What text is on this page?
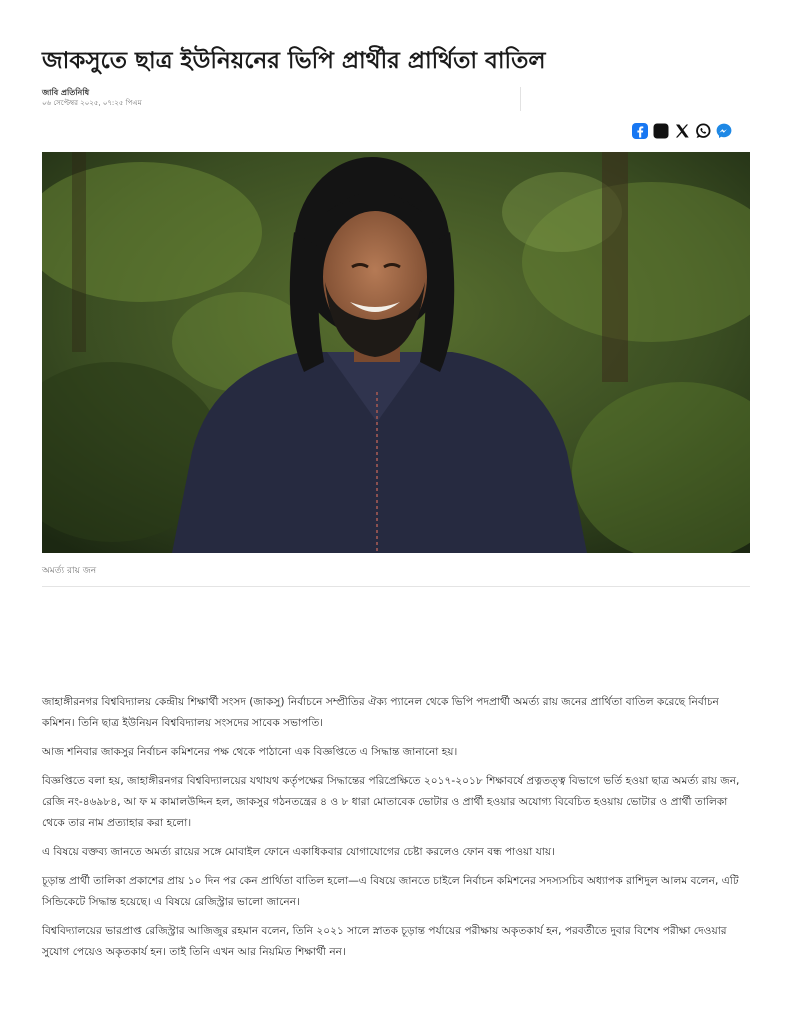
জাকসুতে ছাত্র ইউনিয়নের ভিপি প্রার্থীর প্রার্থিতা বাতিল
জাবি প্রতিনিধি
০৬ সেপ্টেম্বর ২০২৫, ০৭:২৫ পিএম
অমর্ত্য রায় জন

জাহাঙ্গীরনগর বিশ্ববিদ্যালয় কেন্দ্রীয় শিক্ষার্থী সংসদ (জাকসু) নির্বাচনে সম্প্রীতির ঐক্য প্যানেল থেকে ভিপি পদপ্রার্থী অমর্ত্য রায় জনের প্রার্থিতা বাতিল করেছে নির্বাচন কমিশন। তিনি ছাত্র ইউনিয়ন বিশ্ববিদ্যালয় সংসদের সাবেক সভাপতি।

আজ শনিবার জাকসুর নির্বাচন কমিশনের পক্ষ থেকে পাঠানো এক বিজ্ঞপ্তিতে এ সিদ্ধান্ত জানানো হয়।

বিজ্ঞপ্তিতে বলা হয়, জাহাঙ্গীরনগর বিশ্ববিদ্যালয়ের যথাযথ কর্তৃপক্ষের সিদ্ধান্তের পরিপ্রেক্ষিতে ২০১৭-২০১৮ শিক্ষাবর্ষে প্রত্নতত্ত্ব বিভাগে ভর্তি হওয়া ছাত্র অমর্ত্য রায় জন, রেজি নং-৪৬৯৮৪, আ ফ ম কামালউদ্দিন হল, জাকসুর গঠনতন্ত্রের ৪ ও ৮ ধারা মোতাবেক ভোটার ও প্রার্থী হওয়ার অযোগ্য বিবেচিত হওয়ায় ভোটার ও প্রার্থী তালিকা থেকে তার নাম প্রত্যাহার করা হলো।

এ বিষয়ে বক্তব্য জানতে অমর্ত্য রায়ের সঙ্গে মোবাইল ফোনে একাধিকবার যোগাযোগের চেষ্টা করলেও ফোন বন্ধ পাওয়া যায়।

চূড়ান্ত প্রার্থী তালিকা প্রকাশের প্রায় ১০ দিন পর কেন প্রার্থিতা বাতিল হলো—এ বিষয়ে জানতে চাইলে নির্বাচন কমিশনের সদস্যসচিব অধ্যাপক রাশিদুল আলম বলেন, এটি সিন্ডিকেটে সিদ্ধান্ত হয়েছে। এ বিষয়ে রেজিস্ট্রার ভালো জানেন।

বিশ্ববিদ্যালয়ের ভারপ্রাপ্ত রেজিস্ট্রার আজিজুর রহমান বলেন, তিনি ২০২১ সালে স্নাতক চূড়ান্ত পর্যায়ের পরীক্ষায় অকৃতকার্য হন, পরবর্তীতে দুবার বিশেষ পরীক্ষা দেওয়ার সুযোগ পেয়েও অকৃতকার্য হন। তাই তিনি এখন আর নিয়মিত শিক্ষার্থী নন।
